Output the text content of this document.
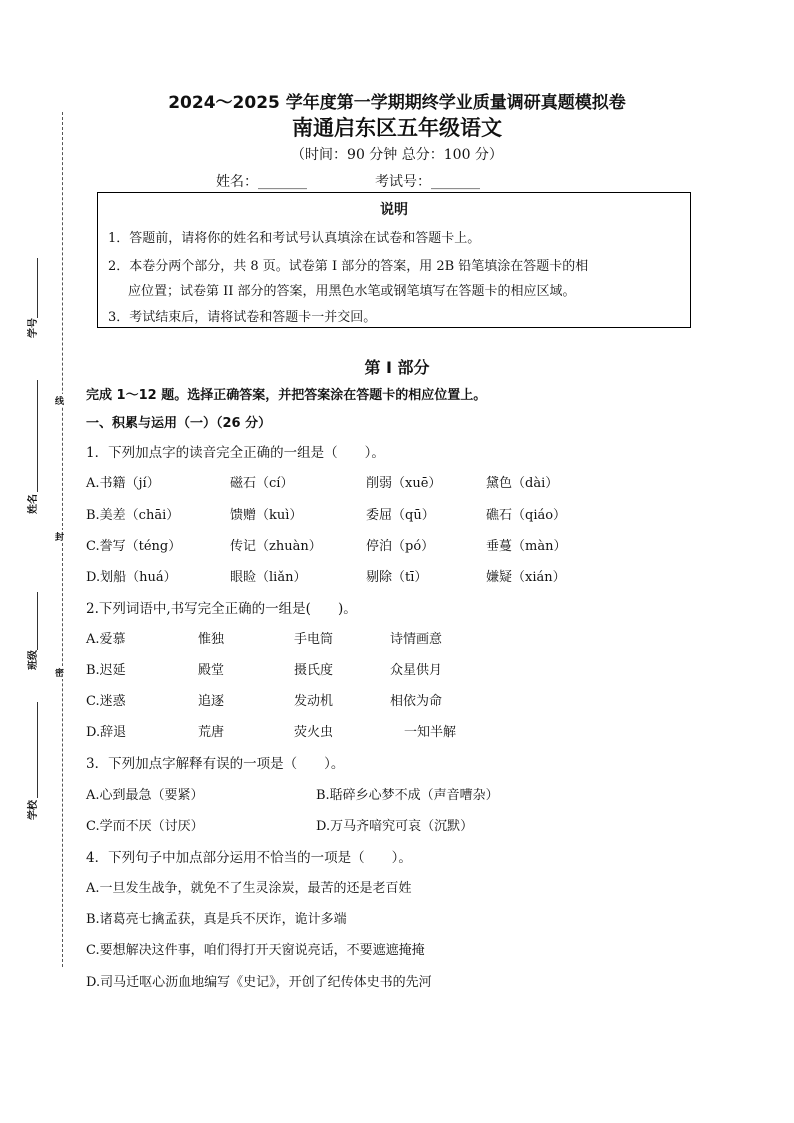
线
封
密
学号
姓名
班级
学校
2024～2025 学年度第一学期期终学业质量调研真题模拟卷
南通启东区五年级语文
（时间：90 分钟 总分：100 分）
姓名：_______	考试号：_______
说明
1．答题前，请将你的姓名和考试号认真填涂在试卷和答题卡上。
2．本卷分两个部分，共 8 页。试卷第 I 部分的答案，用 2B 铅笔填涂在答题卡的相
应位置；试卷第 II 部分的答案，用黑色水笔或钢笔填写在答题卡的相应区域。
3．考试结束后，请将试卷和答题卡一并交回。
第 I 部分
完成 1～12 题。选择正确答案，并把答案涂在答题卡的相应位置上。
一、积累与运用（一）（26 分）
1．下列加点字的读音完全正确的一组是（　　）。
A.书籍（jí）	磁石（cí）	削弱（xuē）	黛色（dài）
B.美差（chāi）	馈赠（kuì）	委屈（qū）	礁石（qiáo）
C.誊写（téng）	传记（zhuàn）	停泊（pó）	垂蔓（màn）
D.划船（huá）	眼睑（liǎn）	剔除（tī）	嫌疑（xián）
2.下列词语中,书写完全正确的一组是(　　)。
A.爱慕	惟独	手电筒	诗情画意
B.迟延	殿堂	摄氏度	众星供月
C.迷惑	追逐	发动机	相依为命
D.辞退	荒唐	荧火虫	一知半解
3．下列加点字解释有误的一项是（　　）。
A.心到最急（要紧）	B.聒碎乡心梦不成（声音嘈杂）
C.学而不厌（讨厌）	D.万马齐喑究可哀（沉默）
4．下列句子中加点部分运用不恰当的一项是（　　）。
A.一旦发生战争，就免不了生灵涂炭，最苦的还是老百姓
B.诸葛亮七擒孟获，真是兵不厌诈，诡计多端
C.要想解决这件事，咱们得打开天窗说亮话，不要遮遮掩掩
D.司马迁呕心沥血地编写《史记》，开创了纪传体史书的先河
